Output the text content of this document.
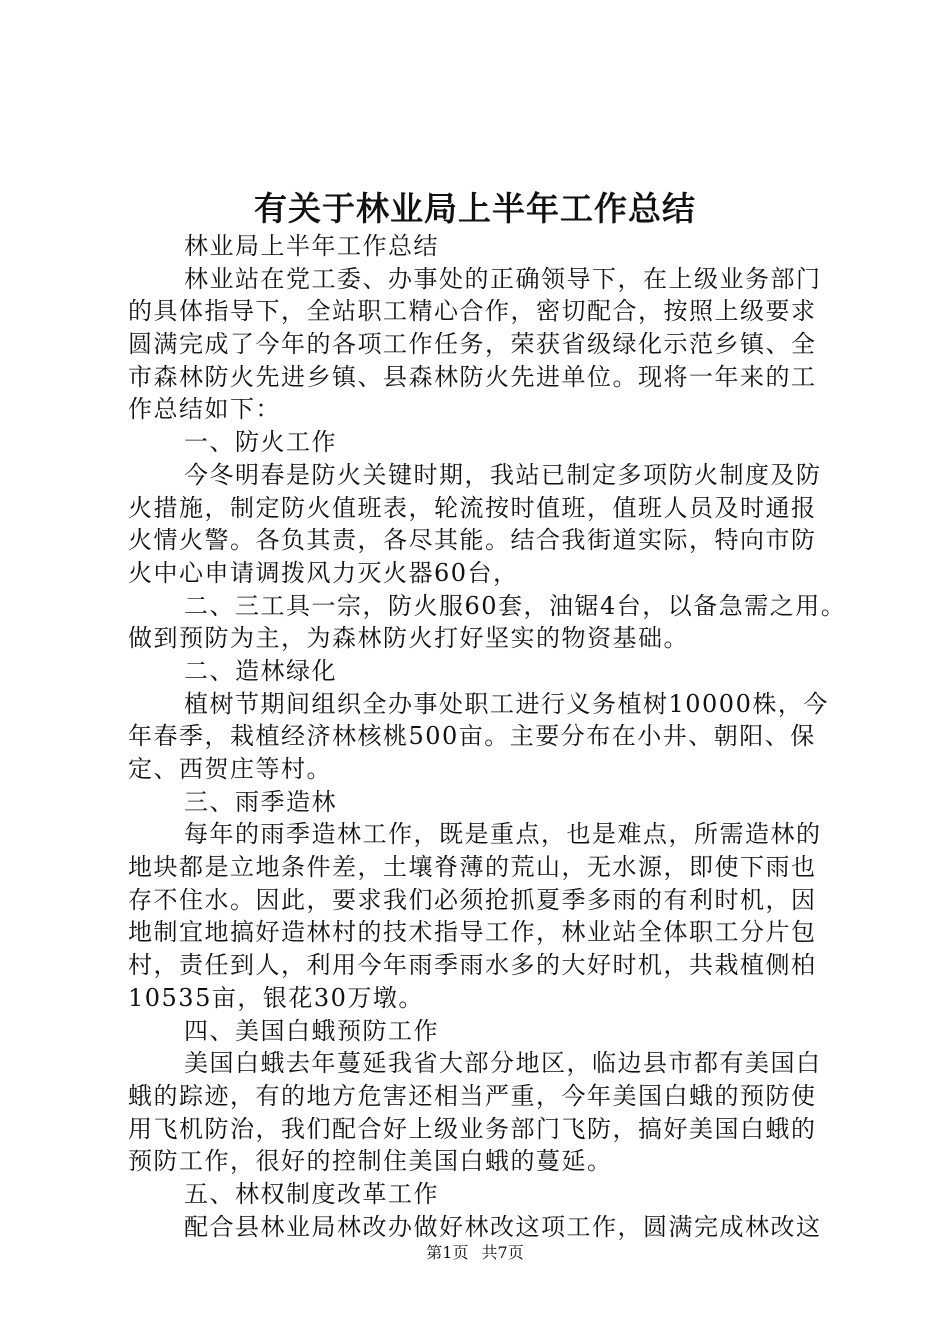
有关于林业局上半年工作总结
林业局上半年工作总结
林业站在党工委、办事处的正确领导下，在上级业务部门
的具体指导下，全站职工精心合作，密切配合，按照上级要求
圆满完成了今年的各项工作任务，荣获省级绿化示范乡镇、全
市森林防火先进乡镇、县森林防火先进单位。现将一年来的工
作总结如下：
一、防火工作
今冬明春是防火关键时期，我站已制定多项防火制度及防
火措施，制定防火值班表，轮流按时值班，值班人员及时通报
火情火警。各负其责，各尽其能。结合我街道实际，特向市防
火中心申请调拨风力灭火器60台，
二、三工具一宗，防火服60套，油锯4台，以备急需之用。
做到预防为主，为森林防火打好坚实的物资基础。
二、造林绿化
植树节期间组织全办事处职工进行义务植树10000株，今
年春季，栽植经济林核桃500亩。主要分布在小井、朝阳、保
定、西贺庄等村。
三、雨季造林
每年的雨季造林工作，既是重点，也是难点，所需造林的
地块都是立地条件差，土壤脊薄的荒山，无水源，即使下雨也
存不住水。因此，要求我们必须抢抓夏季多雨的有利时机，因
地制宜地搞好造林村的技术指导工作，林业站全体职工分片包
村，责任到人，利用今年雨季雨水多的大好时机，共栽植侧柏
10535亩，银花30万墩。
四、美国白蛾预防工作
美国白蛾去年蔓延我省大部分地区，临边县市都有美国白
蛾的踪迹，有的地方危害还相当严重，今年美国白蛾的预防使
用飞机防治，我们配合好上级业务部门飞防，搞好美国白蛾的
预防工作，很好的控制住美国白蛾的蔓延。
五、林权制度改革工作
配合县林业局林改办做好林改这项工作，圆满完成林改这
第1页 共7页
